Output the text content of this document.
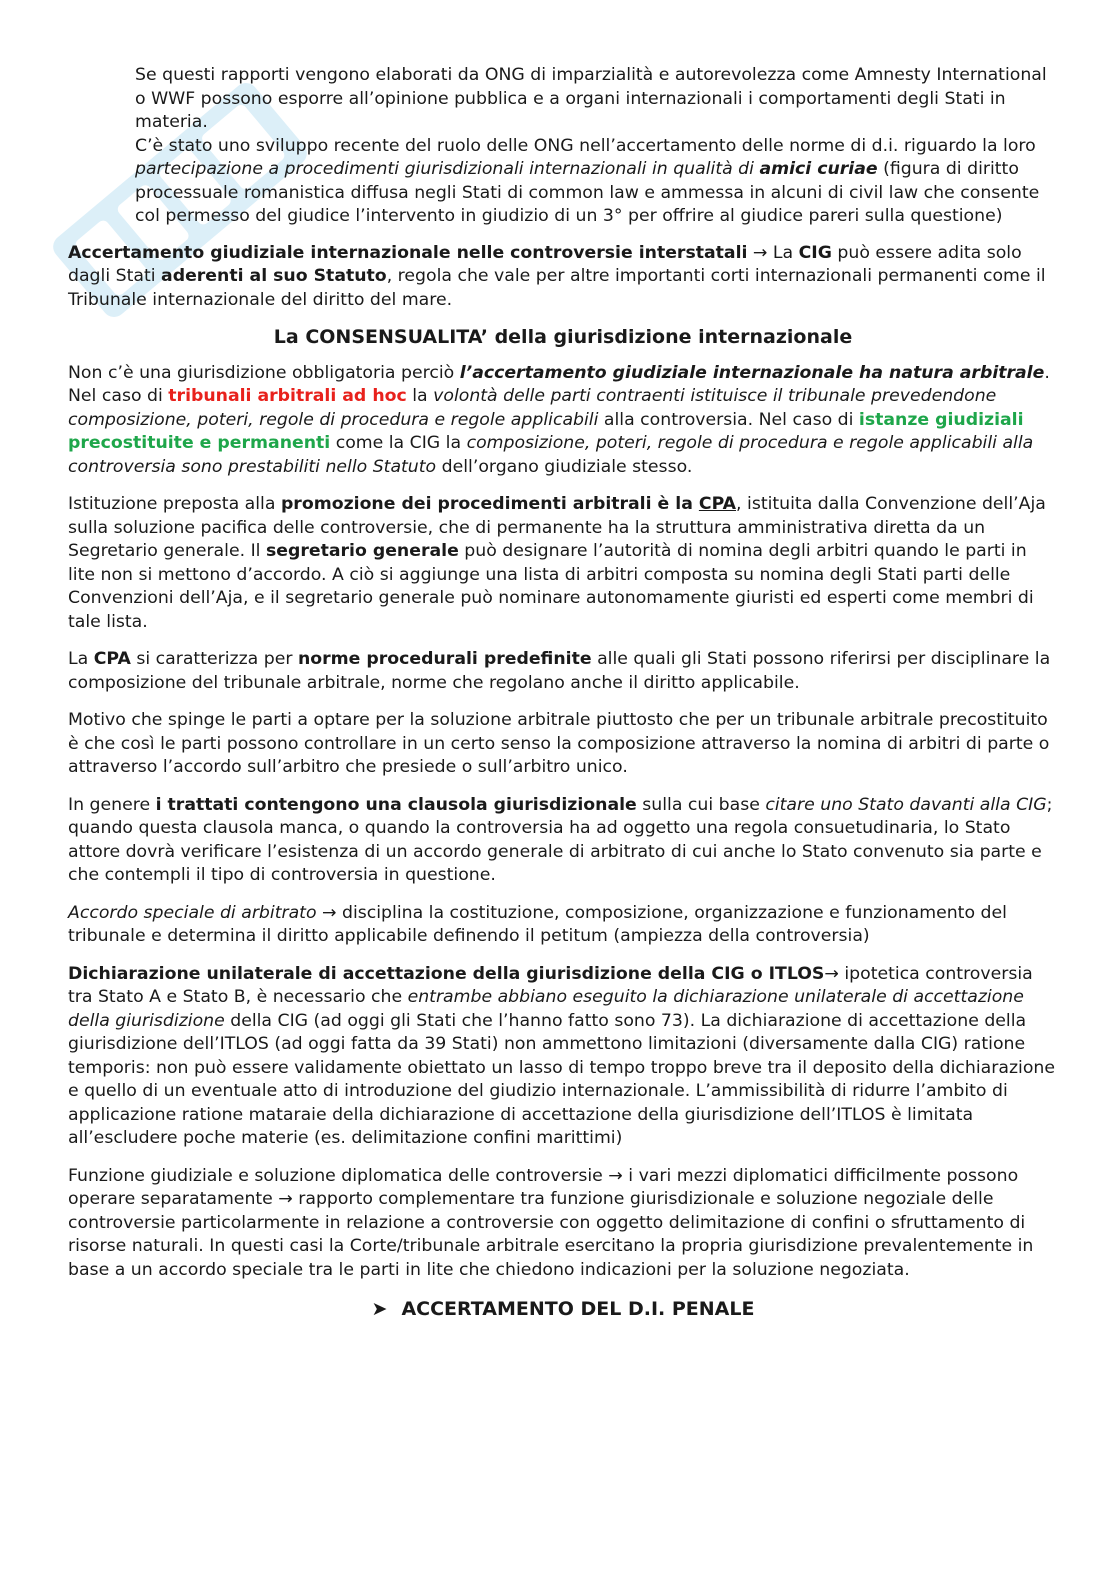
Se questi rapporti vengono elaborati da ONG di imparzialità e autorevolezza come Amnesty International o WWF possono esporre all’opinione pubblica e a organi internazionali i comportamenti degli Stati in materia.
C’è stato uno sviluppo recente del ruolo delle ONG nell’accertamento delle norme di d.i. riguardo la loro partecipazione a procedimenti giurisdizionali internazionali in qualità di amici curiae (figura di diritto processuale romanistica diffusa negli Stati di common law e ammessa in alcuni di civil law che consente col permesso del giudice l’intervento in giudizio di un 3° per offrire al giudice pareri sulla questione)

Accertamento giudiziale internazionale nelle controversie interstatali → La CIG può essere adita solo dagli Stati aderenti al suo Statuto, regola che vale per altre importanti corti internazionali permanenti come il Tribunale internazionale del diritto del mare.

La CONSENSUALITA’ della giurisdizione internazionale

Non c’è una giurisdizione obbligatoria perciò l’accertamento giudiziale internazionale ha natura arbitrale. Nel caso di tribunali arbitrali ad hoc la volontà delle parti contraenti istituisce il tribunale prevedendone composizione, poteri, regole di procedura e regole applicabili alla controversia. Nel caso di istanze giudiziali precostituite e permanenti come la CIG la composizione, poteri, regole di procedura e regole applicabili alla controversia sono prestabiliti nello Statuto dell’organo giudiziale stesso.

Istituzione preposta alla promozione dei procedimenti arbitrali è la CPA, istituita dalla Convenzione dell’Aja sulla soluzione pacifica delle controversie, che di permanente ha la struttura amministrativa diretta da un Segretario generale. Il segretario generale può designare l’autorità di nomina degli arbitri quando le parti in lite non si mettono d’accordo. A ciò si aggiunge una lista di arbitri composta su nomina degli Stati parti delle Convenzioni dell’Aja, e il segretario generale può nominare autonomamente giuristi ed esperti come membri di tale lista.

La CPA si caratterizza per norme procedurali predefinite alle quali gli Stati possono riferirsi per disciplinare la composizione del tribunale arbitrale, norme che regolano anche il diritto applicabile.

Motivo che spinge le parti a optare per la soluzione arbitrale piuttosto che per un tribunale arbitrale precostituito è che così le parti possono controllare in un certo senso la composizione attraverso la nomina di arbitri di parte o attraverso l’accordo sull’arbitro che presiede o sull’arbitro unico.

In genere i trattati contengono una clausola giurisdizionale sulla cui base citare uno Stato davanti alla CIG; quando questa clausola manca, o quando la controversia ha ad oggetto una regola consuetudinaria, lo Stato attore dovrà verificare l’esistenza di un accordo generale di arbitrato di cui anche lo Stato convenuto sia parte e che contempli il tipo di controversia in questione.

Accordo speciale di arbitrato → disciplina la costituzione, composizione, organizzazione e funzionamento del tribunale e determina il diritto applicabile definendo il petitum (ampiezza della controversia)

Dichiarazione unilaterale di accettazione della giurisdizione della CIG o ITLOS→ ipotetica controversia tra Stato A e Stato B, è necessario che entrambe abbiano eseguito la dichiarazione unilaterale di accettazione della giurisdizione della CIG (ad oggi gli Stati che l’hanno fatto sono 73). La dichiarazione di accettazione della giurisdizione dell’ITLOS (ad oggi fatta da 39 Stati) non ammettono limitazioni (diversamente dalla CIG) ratione temporis: non può essere validamente obiettato un lasso di tempo troppo breve tra il deposito della dichiarazione e quello di un eventuale atto di introduzione del giudizio internazionale. L’ammissibilità di ridurre l’ambito di applicazione ratione mataraie della dichiarazione di accettazione della giurisdizione dell’ITLOS è limitata all’escludere poche materie (es. delimitazione confini marittimi)

Funzione giudiziale e soluzione diplomatica delle controversie → i vari mezzi diplomatici difficilmente possono operare separatamente → rapporto complementare tra funzione giurisdizionale e soluzione negoziale delle controversie particolarmente in relazione a controversie con oggetto delimitazione di confini o sfruttamento di risorse naturali. In questi casi la Corte/tribunale arbitrale esercitano la propria giurisdizione prevalentemente in base a un accordo speciale tra le parti in lite che chiedono indicazioni per la soluzione negoziata.

➤ ACCERTAMENTO DEL D.I. PENALE
